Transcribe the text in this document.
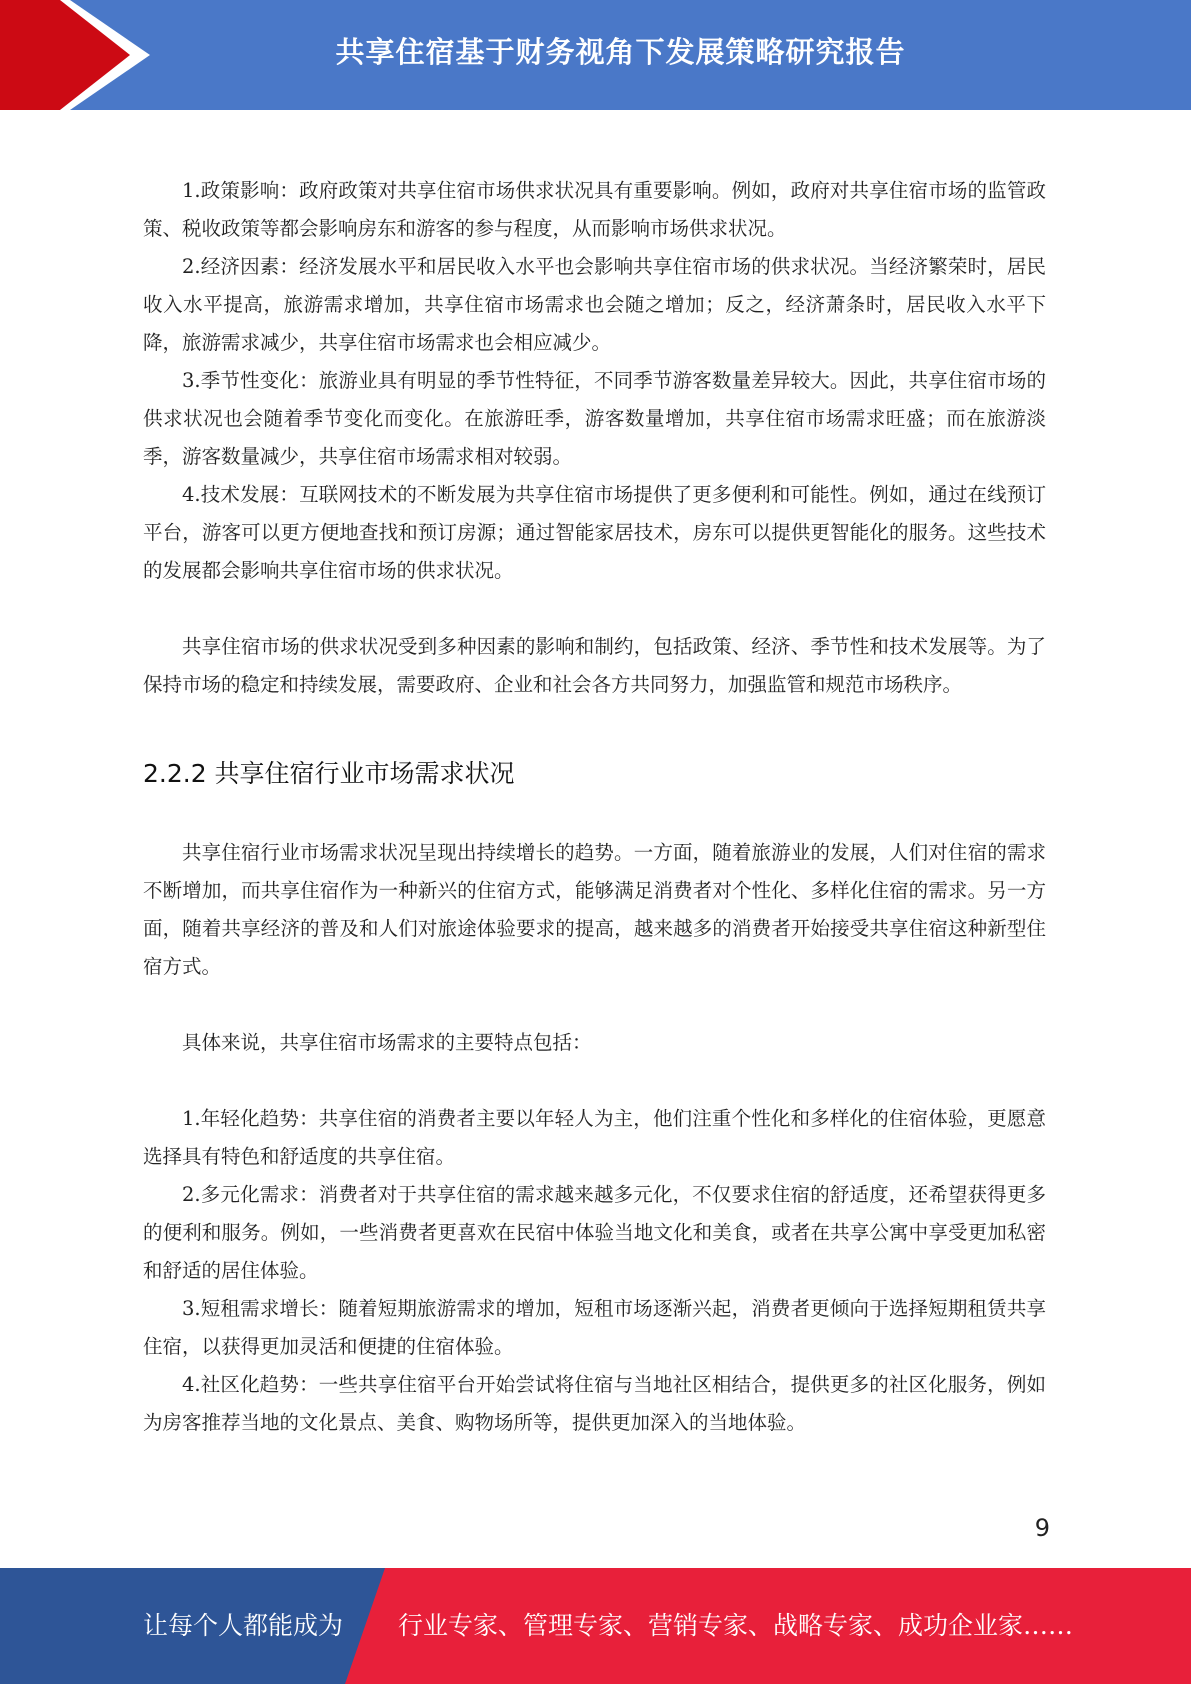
共享住宿基于财务视角下发展策略研究报告

1.政策影响：政府政策对共享住宿市场供求状况具有重要影响。例如，政府对共享住宿市场的监管政策、税收政策等都会影响房东和游客的参与程度，从而影响市场供求状况。

2.经济因素：经济发展水平和居民收入水平也会影响共享住宿市场的供求状况。当经济繁荣时，居民收入水平提高，旅游需求增加，共享住宿市场需求也会随之增加；反之，经济萧条时，居民收入水平下降，旅游需求减少，共享住宿市场需求也会相应减少。

3.季节性变化：旅游业具有明显的季节性特征，不同季节游客数量差异较大。因此，共享住宿市场的供求状况也会随着季节变化而变化。在旅游旺季，游客数量增加，共享住宿市场需求旺盛；而在旅游淡季，游客数量减少，共享住宿市场需求相对较弱。

4.技术发展：互联网技术的不断发展为共享住宿市场提供了更多便利和可能性。例如，通过在线预订平台，游客可以更方便地查找和预订房源；通过智能家居技术，房东可以提供更智能化的服务。这些技术的发展都会影响共享住宿市场的供求状况。

共享住宿市场的供求状况受到多种因素的影响和制约，包括政策、经济、季节性和技术发展等。为了保持市场的稳定和持续发展，需要政府、企业和社会各方共同努力，加强监管和规范市场秩序。

2.2.2 共享住宿行业市场需求状况

共享住宿行业市场需求状况呈现出持续增长的趋势。一方面，随着旅游业的发展，人们对住宿的需求不断增加，而共享住宿作为一种新兴的住宿方式，能够满足消费者对个性化、多样化住宿的需求。另一方面，随着共享经济的普及和人们对旅途体验要求的提高，越来越多的消费者开始接受共享住宿这种新型住宿方式。

具体来说，共享住宿市场需求的主要特点包括：

1.年轻化趋势：共享住宿的消费者主要以年轻人为主，他们注重个性化和多样化的住宿体验，更愿意选择具有特色和舒适度的共享住宿。

2.多元化需求：消费者对于共享住宿的需求越来越多元化，不仅要求住宿的舒适度，还希望获得更多的便利和服务。例如，一些消费者更喜欢在民宿中体验当地文化和美食，或者在共享公寓中享受更加私密和舒适的居住体验。

3.短租需求增长：随着短期旅游需求的增加，短租市场逐渐兴起，消费者更倾向于选择短期租赁共享住宿，以获得更加灵活和便捷的住宿体验。

4.社区化趋势：一些共享住宿平台开始尝试将住宿与当地社区相结合，提供更多的社区化服务，例如为房客推荐当地的文化景点、美食、购物场所等，提供更加深入的当地体验。

9
让每个人都能成为 行业专家、管理专家、营销专家、战略专家、成功企业家……
